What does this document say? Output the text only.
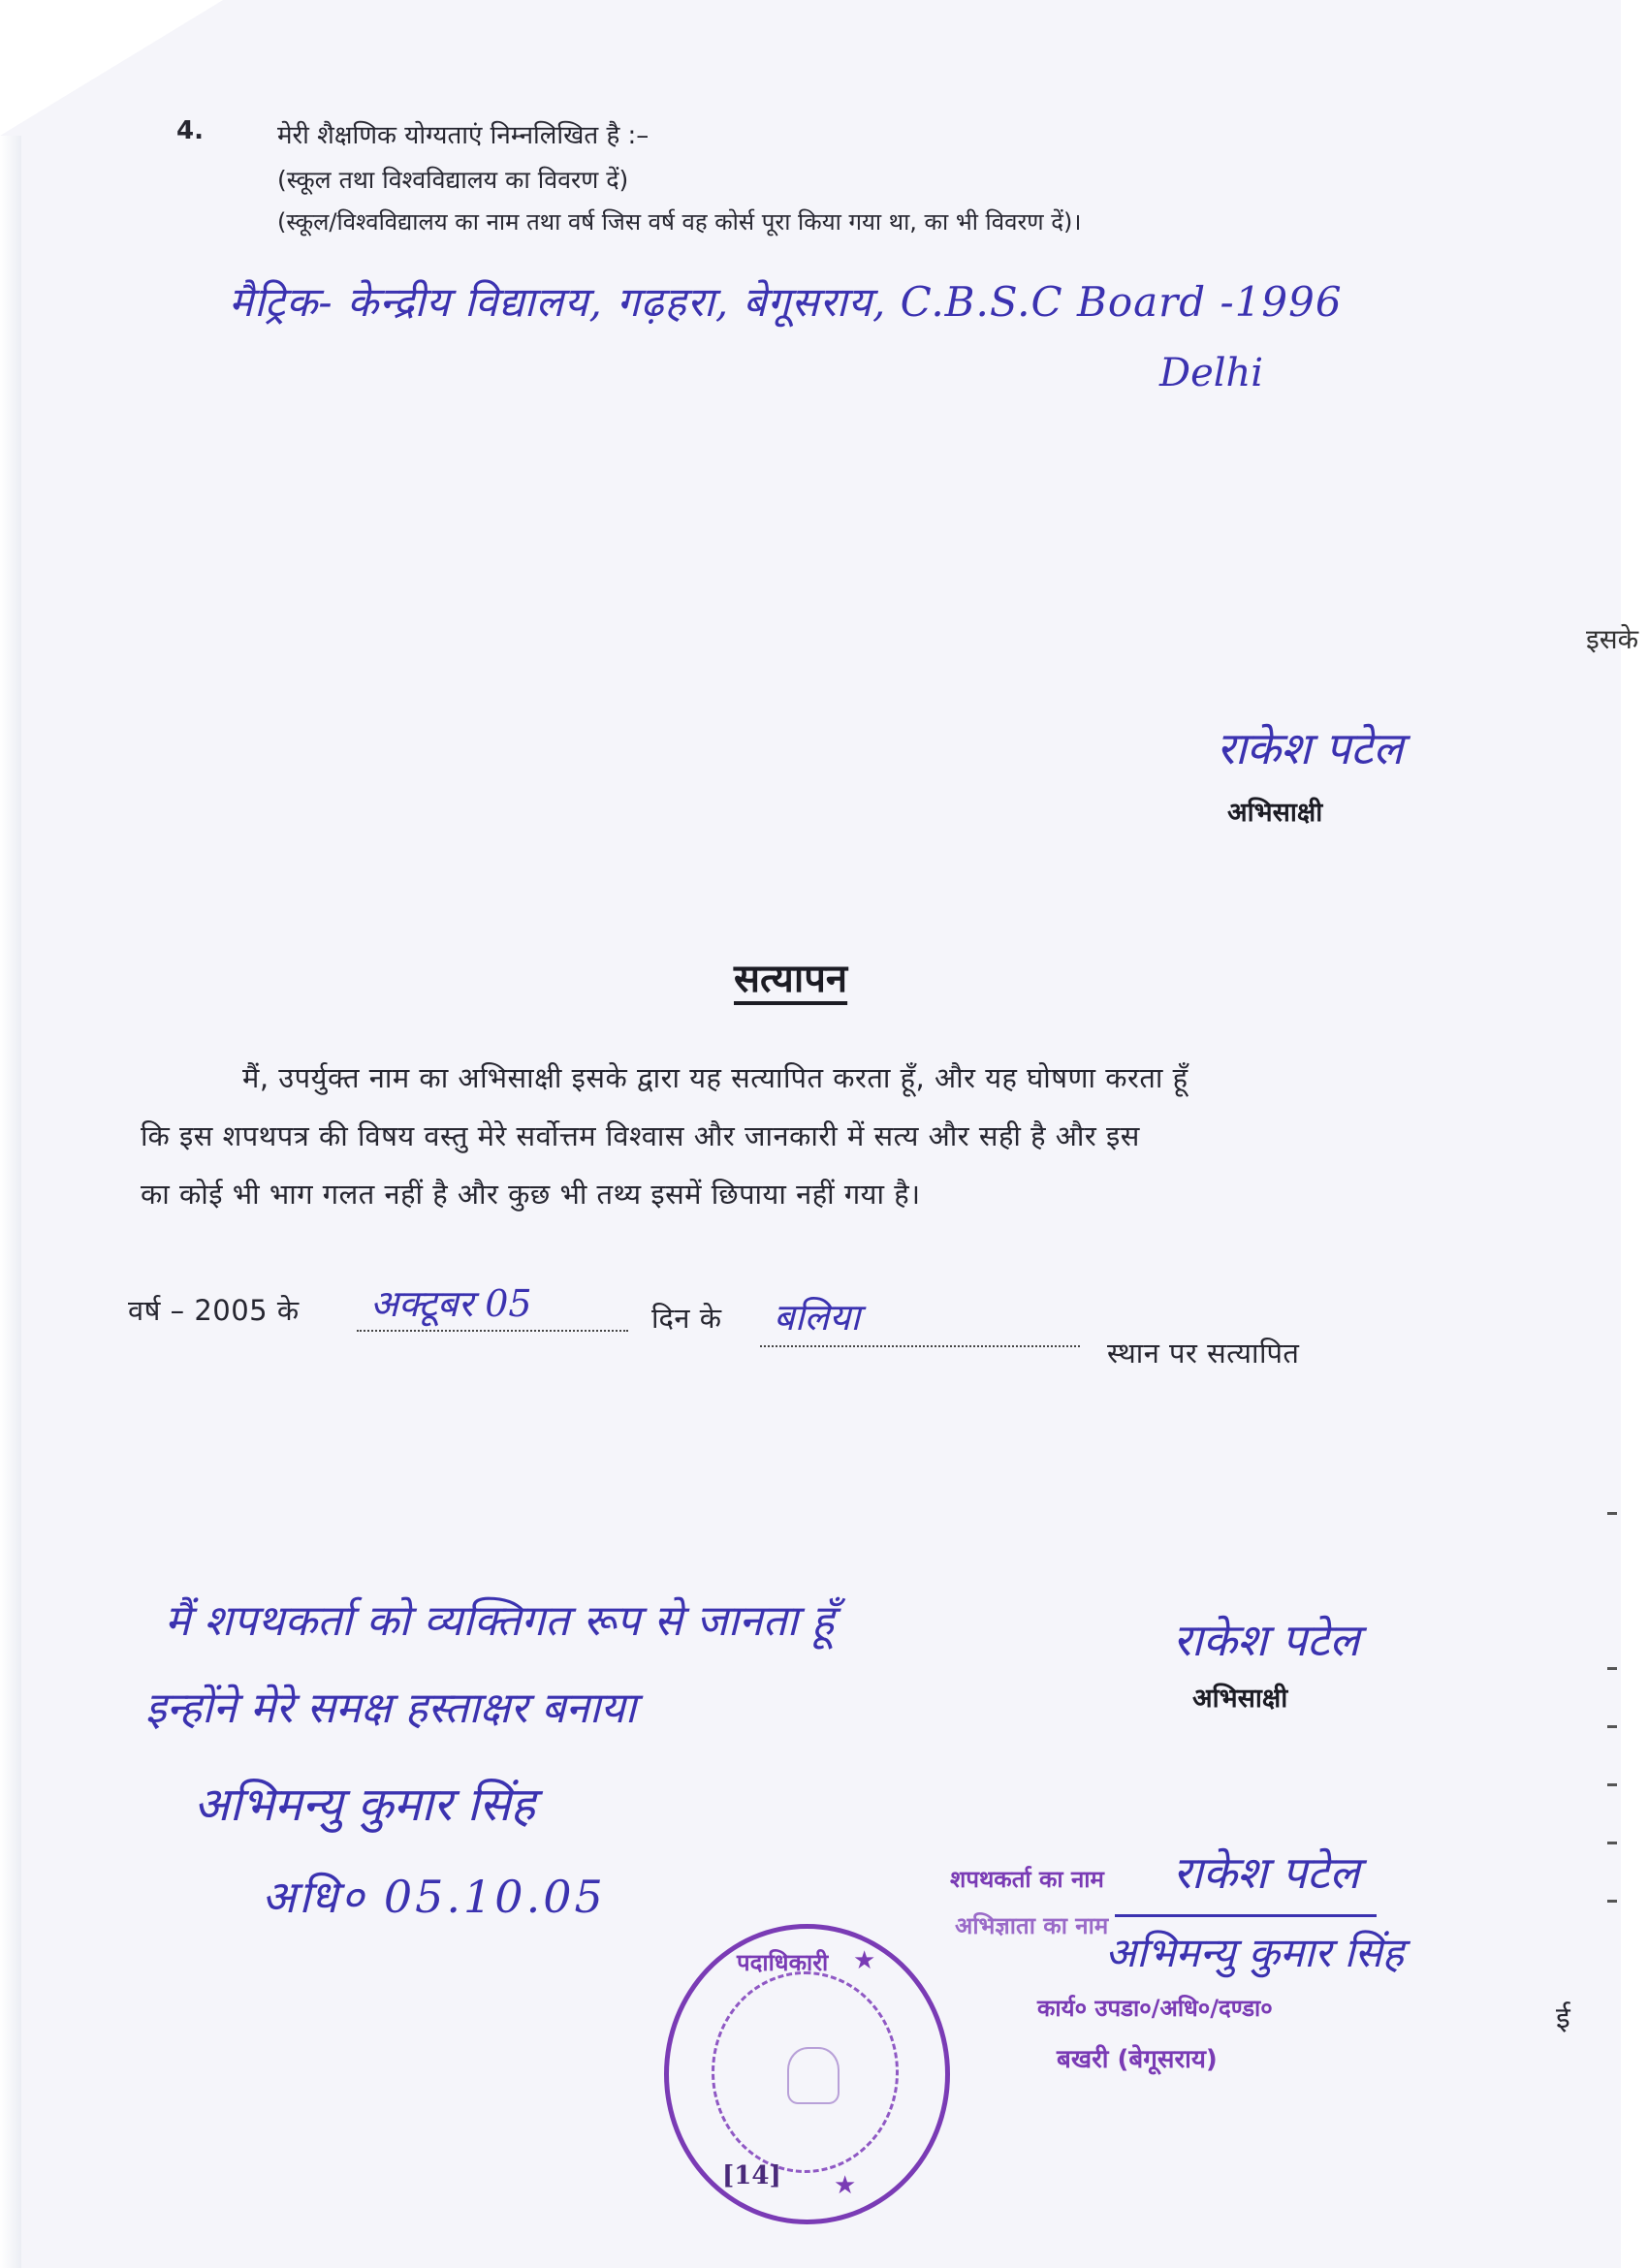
4.	मेरी शैक्षणिक योग्यताएं निम्नलिखित है :–
(स्कूल तथा विश्वविद्यालय का विवरण दें)
(स्कूल/विश्वविद्यालय का नाम तथा वर्ष जिस वर्ष वह कोर्स पूरा किया गया था, का भी विवरण दें)।
मैट्रिक- केन्द्रीय विद्यालय, गढ़हरा, बेगूसराय, C.B.S.C Board -1996
Delhi
इसके
राकेश पटेल
अभिसाक्षी
सत्यापन
मैं, उपर्युक्त नाम का अभिसाक्षी इसके द्वारा यह सत्यापित करता हूँ, और यह घोषणा करता हूँ
कि इस शपथपत्र की विषय वस्तु मेरे सर्वोत्तम विश्वास और जानकारी में सत्य और सही है और इस
का कोई भी भाग गलत नहीं है और कुछ भी तथ्य इसमें छिपाया नहीं गया है।
वर्ष – 2005 के अक्टूबर 05	दिन के बलिया
स्थान पर सत्यापित
मैं शपथकर्ता को व्यक्तिगत रूप से जानता हूँ
इन्होंने मेरे समक्ष हस्ताक्षर बनाया
अभिमन्यु कुमार सिंह
अधि० 05.10.05
राकेश पटेल
अभिसाक्षी
शपथकर्ता का नाम राकेश पटेल
अभिज्ञाता का नाम
अभिमन्यु कुमार सिंह
कार्य० उपडा०/अधि०/दण्डा०
बखरी (बेगूसराय)
ई
पदाधिकारी ★
★
[14]
